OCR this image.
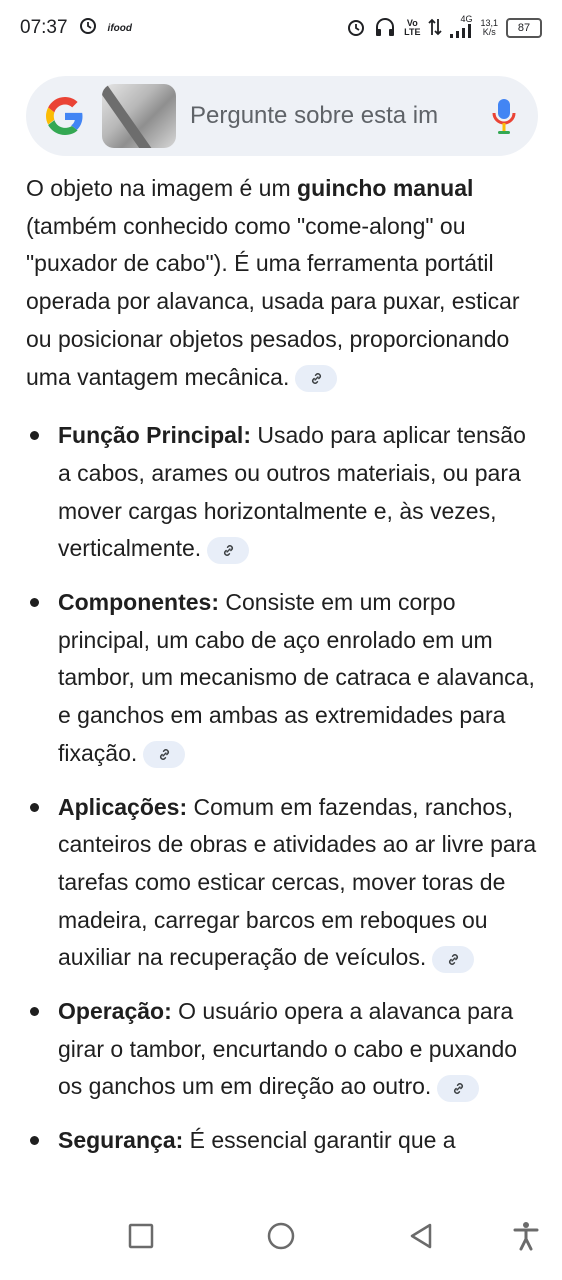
07:37	ifood	Vo
LTE
4G 13,1
K/s	87
Pergunte sobre esta im

O objeto na imagem é um guincho manual (também conhecido como "come-along" ou "puxador de cabo"). É uma ferramenta portátil operada por alavanca, usada para puxar, esticar ou posicionar objetos pesados, proporcionando uma vantagem mecânica.

Função Principal: Usado para aplicar tensão a cabos, arames ou outros materiais, ou para mover cargas horizontalmente e, às vezes, verticalmente.
Componentes: Consiste em um corpo principal, um cabo de aço enrolado em um tambor, um mecanismo de catraca e alavanca, e ganchos em ambas as extremidades para fixação.
Aplicações: Comum em fazendas, ranchos, canteiros de obras e atividades ao ar livre para tarefas como esticar cercas, mover toras de madeira, carregar barcos em reboques ou auxiliar na recuperação de veículos.
Operação: O usuário opera a alavanca para girar o tambor, encurtando o cabo e puxando os ganchos um em direção ao outro.
Segurança: É essencial garantir que a
